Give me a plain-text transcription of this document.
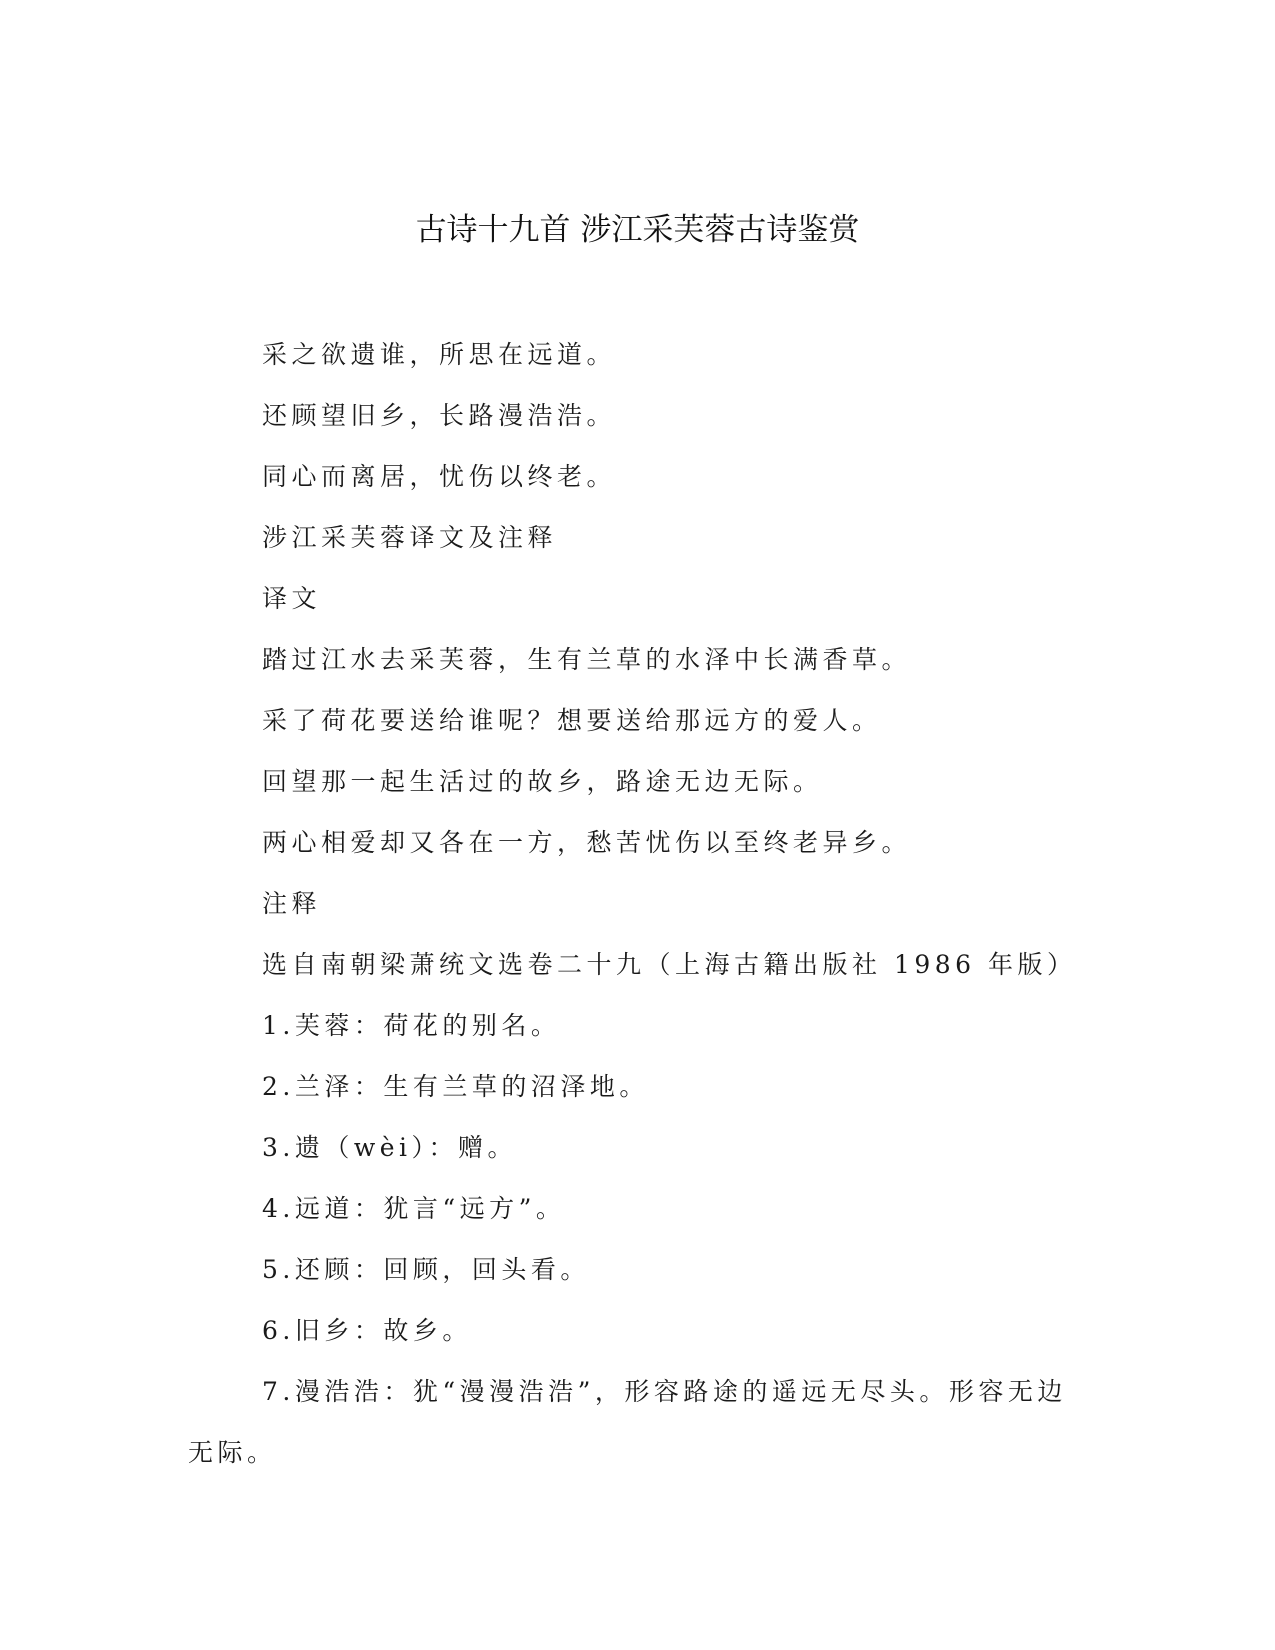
古诗十九首 涉江采芙蓉古诗鉴赏

采之欲遗谁，所思在远道。

还顾望旧乡，长路漫浩浩。

同心而离居，忧伤以终老。

涉江采芙蓉译文及注释

译文

踏过江水去采芙蓉，生有兰草的水泽中长满香草。

采了荷花要送给谁呢？想要送给那远方的爱人。

回望那一起生活过的故乡，路途无边无际。

两心相爱却又各在一方，愁苦忧伤以至终老异乡。

注释

选自南朝梁萧统文选卷二十九（上海古籍出版社 1986 年版）

1.芙蓉：荷花的别名。

2.兰泽：生有兰草的沼泽地。

3.遗（wèi）：赠。

4.远道：犹言“远方”。

5.还顾：回顾，回头看。

6.旧乡：故乡。

7.漫浩浩：犹“漫漫浩浩”，形容路途的遥远无尽头。形容无边无际。
